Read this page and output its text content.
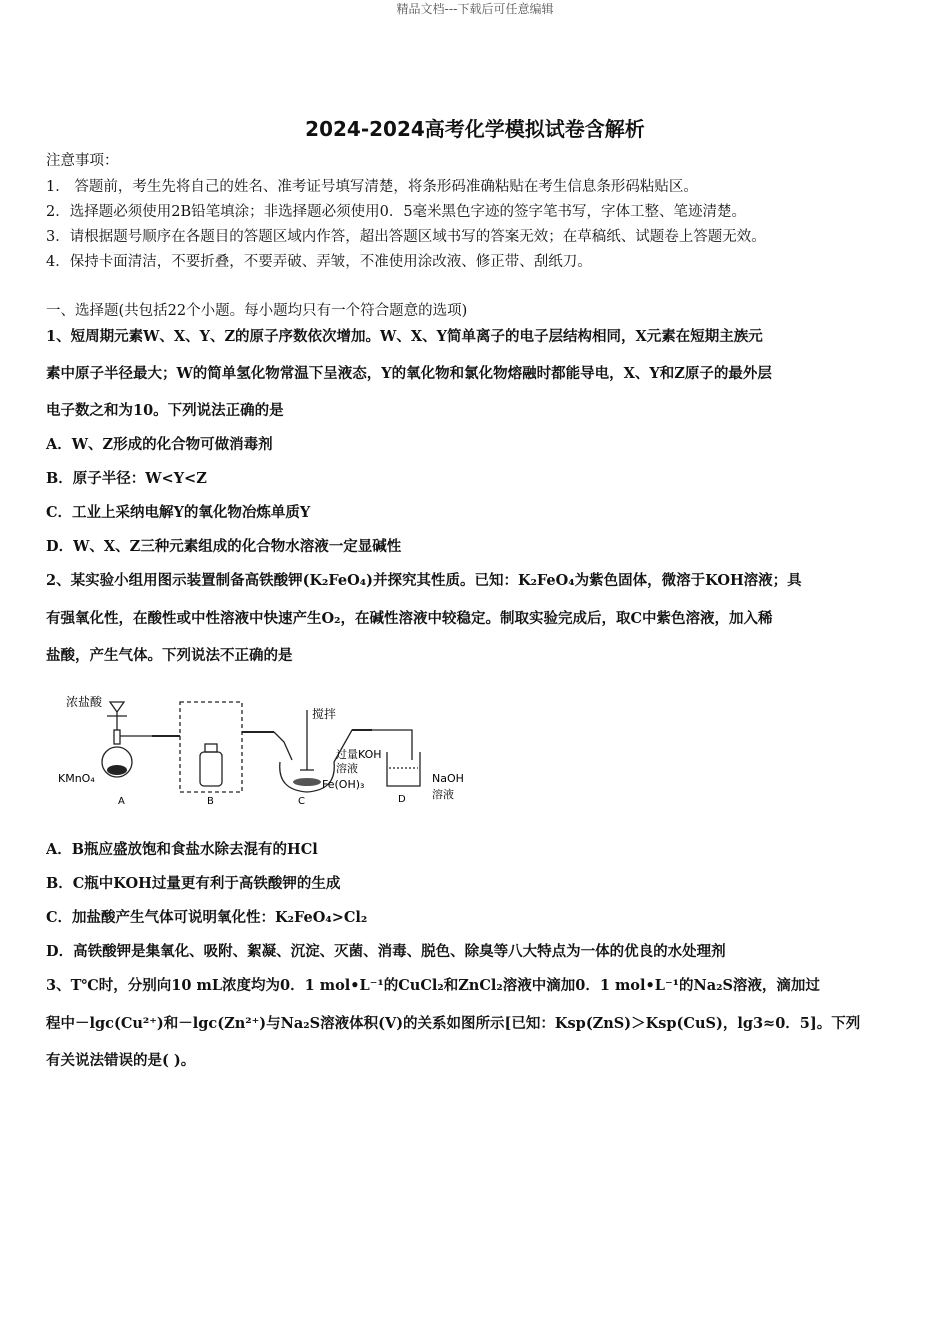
精品文档---下载后可任意编辑
2024-2024高考化学模拟试卷含解析
注意事项：
1． 答题前，考生先将自己的姓名、准考证号填写清楚，将条形码准确粘贴在考生信息条形码粘贴区。
2．选择题必须使用2B铅笔填涂；非选择题必须使用0．5毫米黑色字迹的签字笔书写，字体工整、笔迹清楚。
3．请根据题号顺序在各题目的答题区域内作答，超出答题区域书写的答案无效；在草稿纸、试题卷上答题无效。
4．保持卡面清洁，不要折叠，不要弄破、弄皱，不准使用涂改液、修正带、刮纸刀。
一、选择题(共包括22个小题。每小题均只有一个符合题意的选项)
1、短周期元素W、X、Y、Z的原子序数依次增加。W、X、Y简单离子的电子层结构相同，X元素在短期主族元
素中原子半径最大；W的简单氢化物常温下呈液态，Y的氧化物和氯化物熔融时都能导电，X、Y和Z原子的最外层
电子数之和为10。下列说法正确的是
A．W、Z形成的化合物可做消毒剂
B．原子半径：W<Y<Z
C．工业上采纳电解Y的氧化物冶炼单质Y
D．W、X、Z三种元素组成的化合物水溶液一定显碱性
2、某实验小组用图示装置制备高铁酸钾(K₂FeO₄)并探究其性质。已知：K₂FeO₄为紫色固体，微溶于KOH溶液；具
有强氧化性，在酸性或中性溶液中快速产生O₂，在碱性溶液中较稳定。制取实验完成后，取C中紫色溶液，加入稀
盐酸，产生气体。下列说法不正确的是
浓盐酸
KMnO₄
A	B
搅拌
过量KOH
溶液
Fe(OH)₃
C	D
NaOH
溶液
A．B瓶应盛放饱和食盐水除去混有的HCl
B．C瓶中KOH过量更有利于高铁酸钾的生成
C．加盐酸产生气体可说明氧化性：K₂FeO₄>Cl₂
D．高铁酸钾是集氧化、吸附、絮凝、沉淀、灭菌、消毒、脱色、除臭等八大特点为一体的优良的水处理剂
3、T℃时，分别向10 mL浓度均为0．1 mol•L⁻¹的CuCl₂和ZnCl₂溶液中滴加0．1 mol•L⁻¹的Na₂S溶液，滴加过
程中－lgc(Cu²⁺)和－lgc(Zn²⁺)与Na₂S溶液体积(V)的关系如图所示[已知：Ksp(ZnS)＞Ksp(CuS)，lg3≈0．5]。下列
有关说法错误的是( )。
